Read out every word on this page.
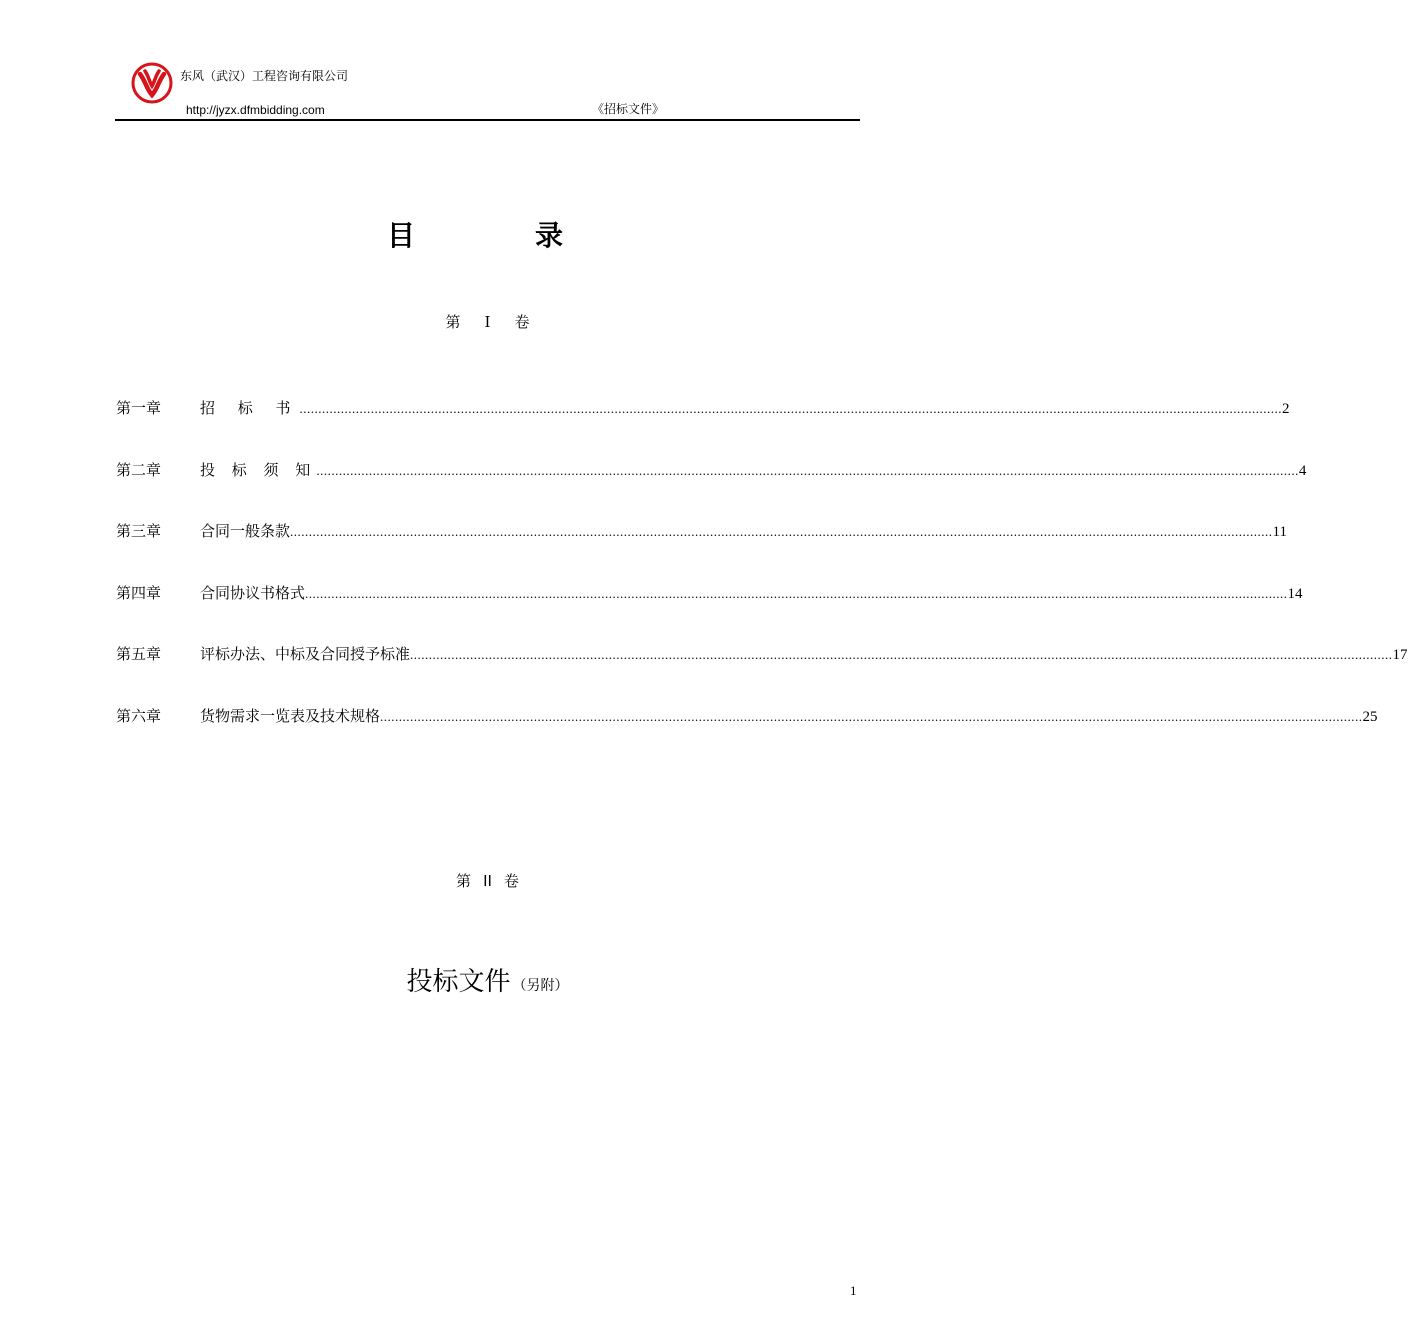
东风（武汉）工程咨询有限公司
http://jyzx.dfmbidding.com	《招标文件》
目	录
第 I 卷
第一章	招 标 书 ...................................................................................................................................................................................................................................................................... 2
第二章	投 标 须 知 ...................................................................................................................................................................................................................................................................... 4
第三章	合同一般条款 ...................................................................................................................................................................................................................................................................... 11
第四章	合同协议书格式 ...................................................................................................................................................................................................................................................................... 14
第五章	评标办法、中标及合同授予标准 ...................................................................................................................................................................................................................................................................... 17
第六章	货物需求一览表及技术规格 ...................................................................................................................................................................................................................................................................... 25
第 II 卷
投标文件 （另附）
1
